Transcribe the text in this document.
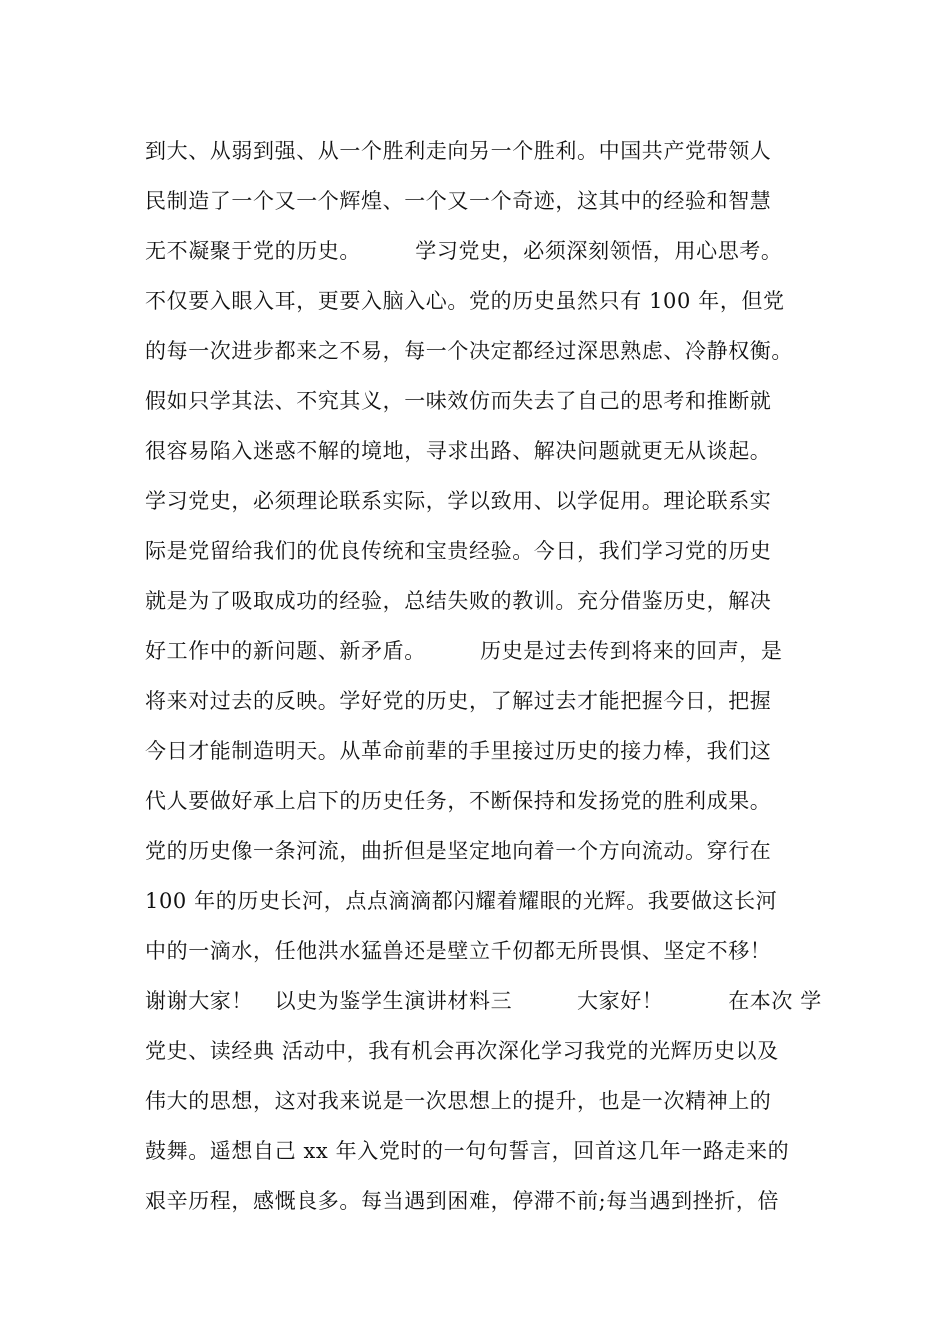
到大、从弱到强、从一个胜利走向另一个胜利。中国共产党带领人
民制造了一个又一个辉煌、一个又一个奇迹，这其中的经验和智慧
无不凝聚于党的历史。　　　学习党史，必须深刻领悟，用心思考。
不仅要入眼入耳，更要入脑入心。党的历史虽然只有 100 年，但党
的每一次进步都来之不易，每一个决定都经过深思熟虑、冷静权衡。
假如只学其法、不究其义，一味效仿而失去了自己的思考和推断就
很容易陷入迷惑不解的境地，寻求出路、解决问题就更无从谈起。
学习党史，必须理论联系实际，学以致用、以学促用。理论联系实
际是党留给我们的优良传统和宝贵经验。今日，我们学习党的历史
就是为了吸取成功的经验，总结失败的教训。充分借鉴历史，解决
好工作中的新问题、新矛盾。　　　历史是过去传到将来的回声，是
将来对过去的反映。学好党的历史，了解过去才能把握今日，把握
今日才能制造明天。从革命前辈的手里接过历史的接力棒，我们这
代人要做好承上启下的历史任务，不断保持和发扬党的胜利成果。
党的历史像一条河流，曲折但是坚定地向着一个方向流动。穿行在
100 年的历史长河，点点滴滴都闪耀着耀眼的光辉。我要做这长河
中的一滴水，任他洪水猛兽还是壁立千仞都无所畏惧、坚定不移！
谢谢大家！　以史为鉴学生演讲材料三　　　大家好！　　　在本次 学
党史、读经典 活动中，我有机会再次深化学习我党的光辉历史以及
伟大的思想，这对我来说是一次思想上的提升，也是一次精神上的
鼓舞。遥想自己 xx 年入党时的一句句誓言，回首这几年一路走来的
艰辛历程，感慨良多。每当遇到困难，停滞不前;每当遇到挫折，倍
